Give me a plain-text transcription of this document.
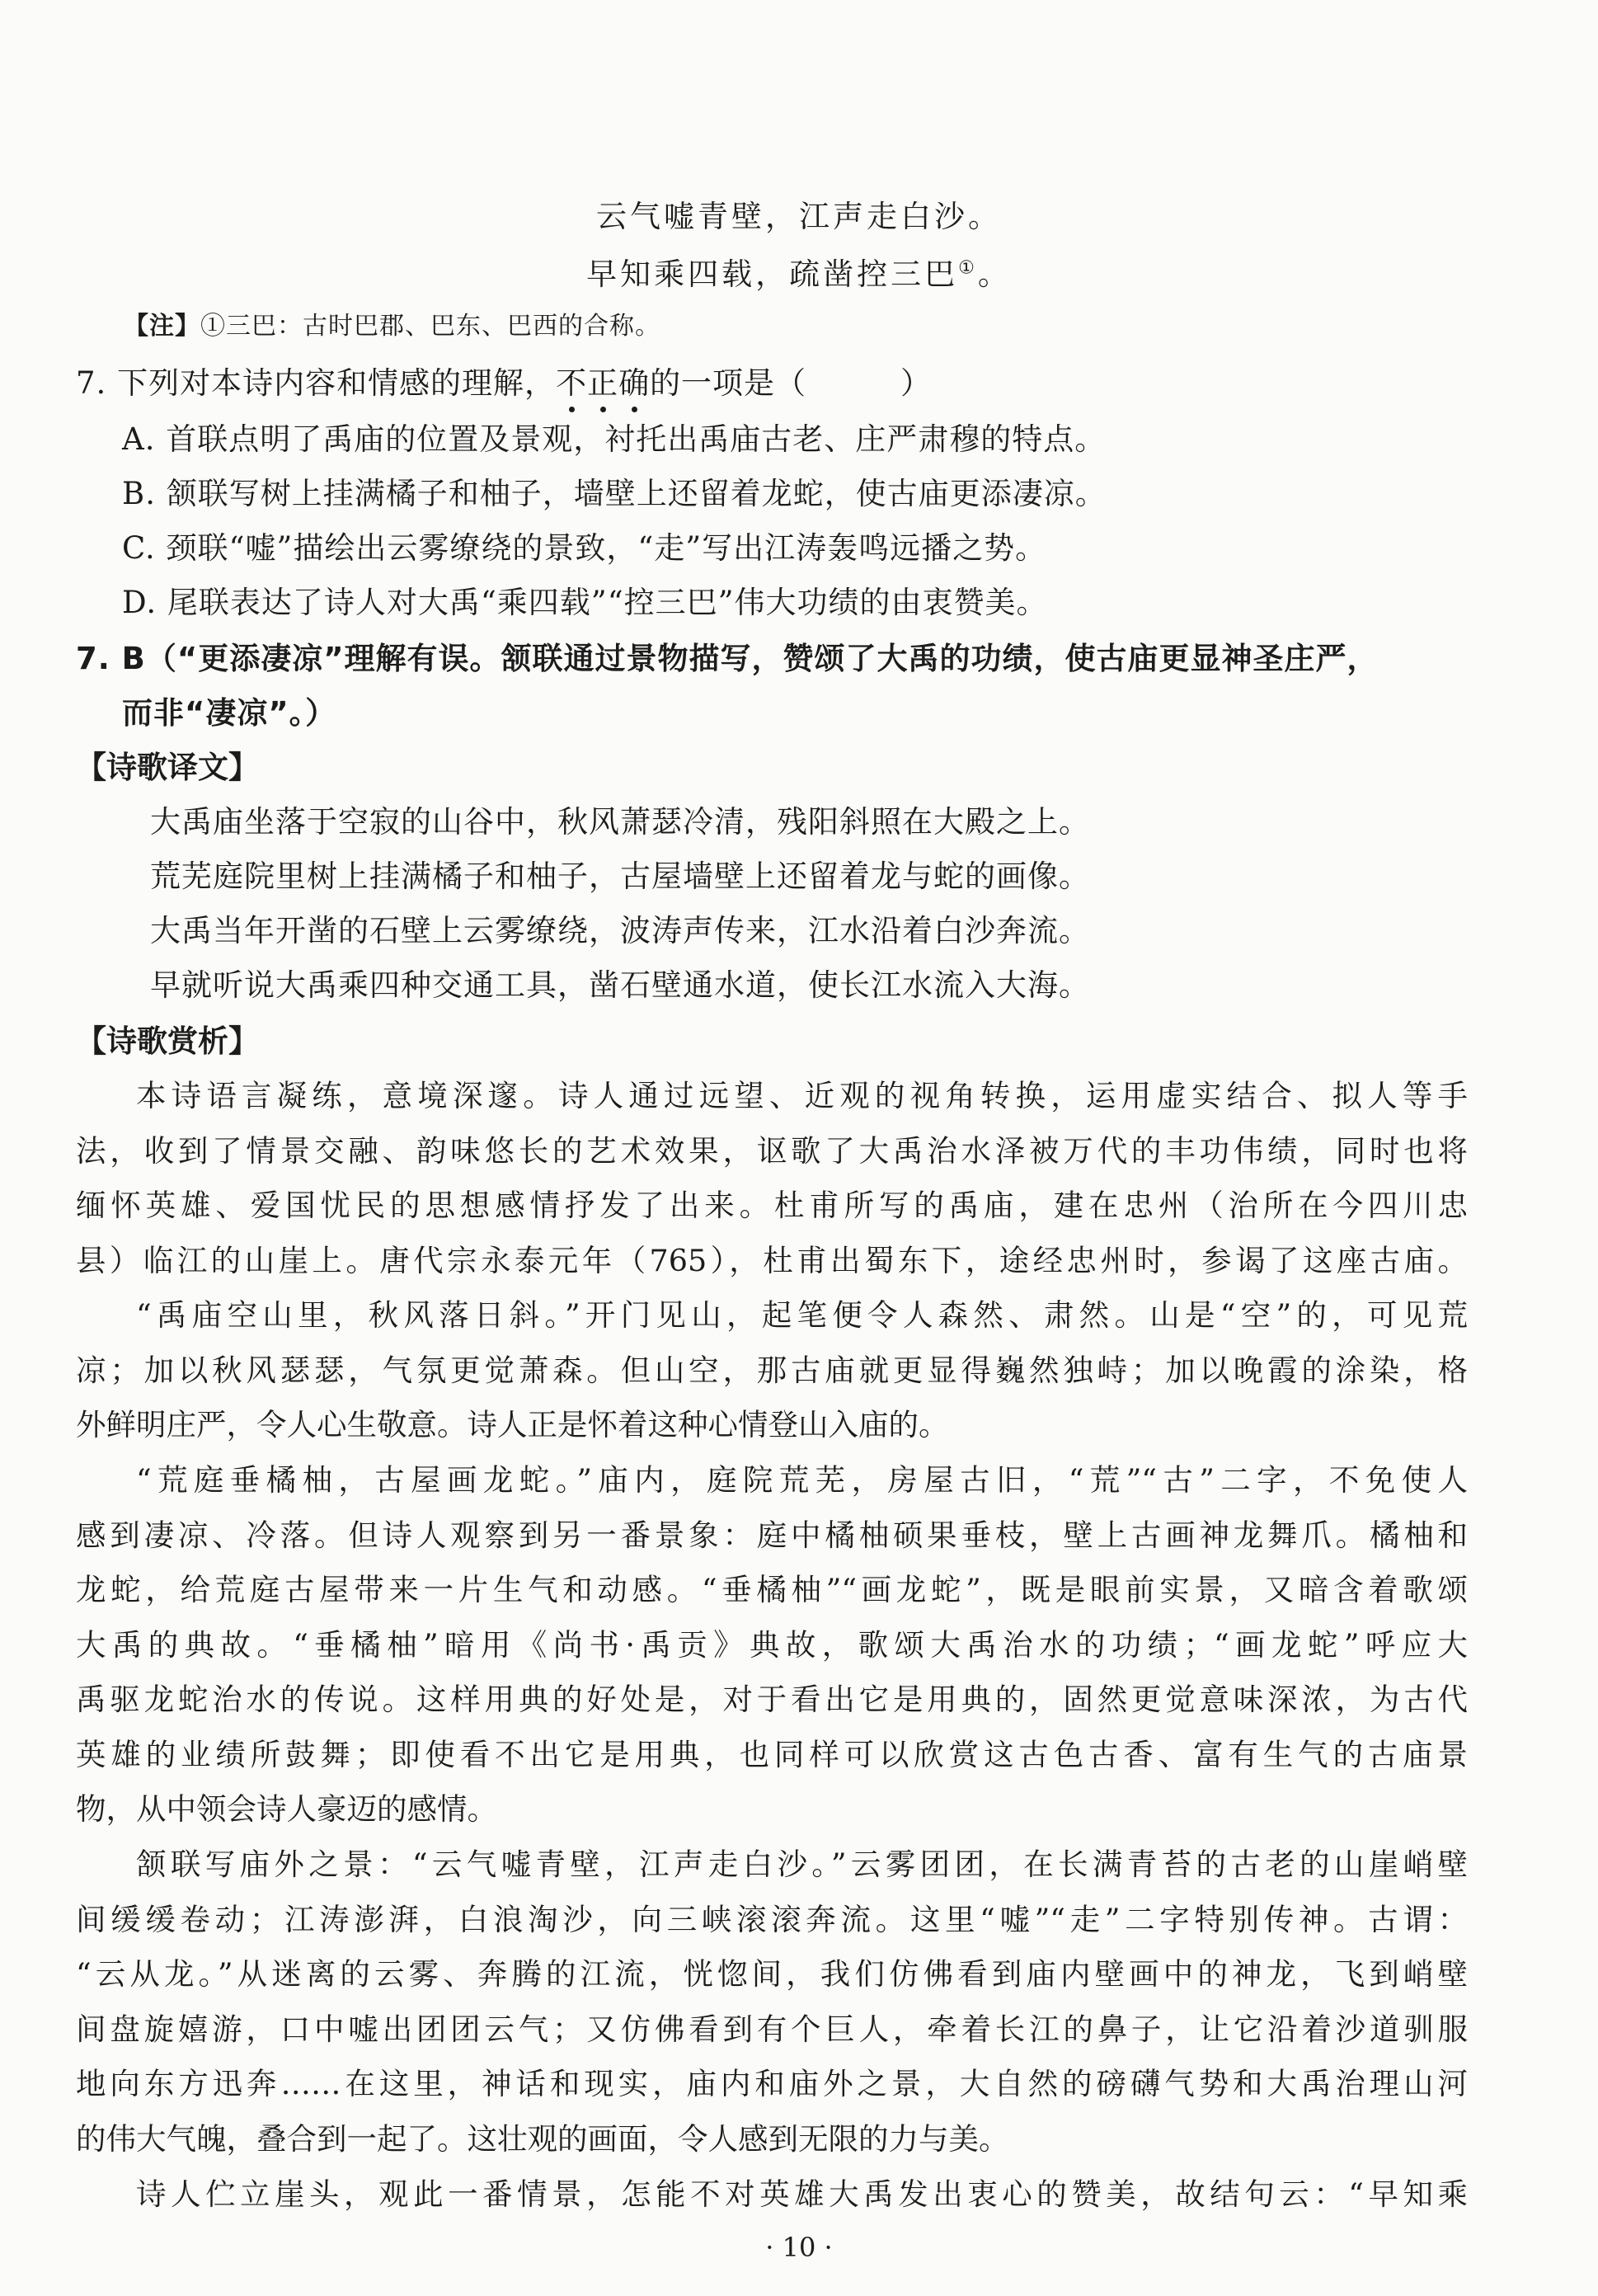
云气嘘青壁，江声走白沙。
早知乘四载，疏凿控三巴①。
【注】①三巴：古时巴郡、巴东、巴西的合称。
7. 下列对本诗内容和情感的理解，不正确的一项是（　　　）
A. 首联点明了禹庙的位置及景观，衬托出禹庙古老、庄严肃穆的特点。
B. 颔联写树上挂满橘子和柚子，墙壁上还留着龙蛇，使古庙更添凄凉。
C. 颈联“嘘”描绘出云雾缭绕的景致，“走”写出江涛轰鸣远播之势。
D. 尾联表达了诗人对大禹“乘四载”“控三巴”伟大功绩的由衷赞美。
7. B（“更添凄凉”理解有误。颔联通过景物描写，赞颂了大禹的功绩，使古庙更显神圣庄严，
而非“凄凉”。）
【诗歌译文】
大禹庙坐落于空寂的山谷中，秋风萧瑟冷清，残阳斜照在大殿之上。
荒芜庭院里树上挂满橘子和柚子，古屋墙壁上还留着龙与蛇的画像。
大禹当年开凿的石壁上云雾缭绕，波涛声传来，江水沿着白沙奔流。
早就听说大禹乘四种交通工具，凿石壁通水道，使长江水流入大海。
【诗歌赏析】
本诗语言凝练，意境深邃。诗人通过远望、近观的视角转换，运用虚实结合、拟人等手
法，收到了情景交融、韵味悠长的艺术效果，讴歌了大禹治水泽被万代的丰功伟绩，同时也将
缅怀英雄、爱国忧民的思想感情抒发了出来。杜甫所写的禹庙，建在忠州（治所在今四川忠
县）临江的山崖上。唐代宗永泰元年（765），杜甫出蜀东下，途经忠州时，参谒了这座古庙。
“禹庙空山里，秋风落日斜。”开门见山，起笔便令人森然、肃然。山是“空”的，可见荒
凉；加以秋风瑟瑟，气氛更觉萧森。但山空，那古庙就更显得巍然独峙；加以晚霞的涂染，格
外鲜明庄严，令人心生敬意。诗人正是怀着这种心情登山入庙的。
“荒庭垂橘柚，古屋画龙蛇。”庙内，庭院荒芜，房屋古旧，“荒”“古”二字，不免使人
感到凄凉、冷落。但诗人观察到另一番景象：庭中橘柚硕果垂枝，壁上古画神龙舞爪。橘柚和
龙蛇，给荒庭古屋带来一片生气和动感。“垂橘柚”“画龙蛇”，既是眼前实景，又暗含着歌颂
大禹的典故。“垂橘柚”暗用《尚书·禹贡》典故，歌颂大禹治水的功绩；“画龙蛇”呼应大
禹驱龙蛇治水的传说。这样用典的好处是，对于看出它是用典的，固然更觉意味深浓，为古代
英雄的业绩所鼓舞；即使看不出它是用典，也同样可以欣赏这古色古香、富有生气的古庙景
物，从中领会诗人豪迈的感情。
颔联写庙外之景：“云气嘘青壁，江声走白沙。”云雾团团，在长满青苔的古老的山崖峭壁
间缓缓卷动；江涛澎湃，白浪淘沙，向三峡滚滚奔流。这里“嘘”“走”二字特别传神。古谓：
“云从龙。”从迷离的云雾、奔腾的江流，恍惚间，我们仿佛看到庙内壁画中的神龙，飞到峭壁
间盘旋嬉游，口中嘘出团团云气；又仿佛看到有个巨人，牵着长江的鼻子，让它沿着沙道驯服
地向东方迅奔……在这里，神话和现实，庙内和庙外之景，大自然的磅礴气势和大禹治理山河
的伟大气魄，叠合到一起了。这壮观的画面，令人感到无限的力与美。
诗人伫立崖头，观此一番情景，怎能不对英雄大禹发出衷心的赞美，故结句云：“早知乘
· 10 ·
